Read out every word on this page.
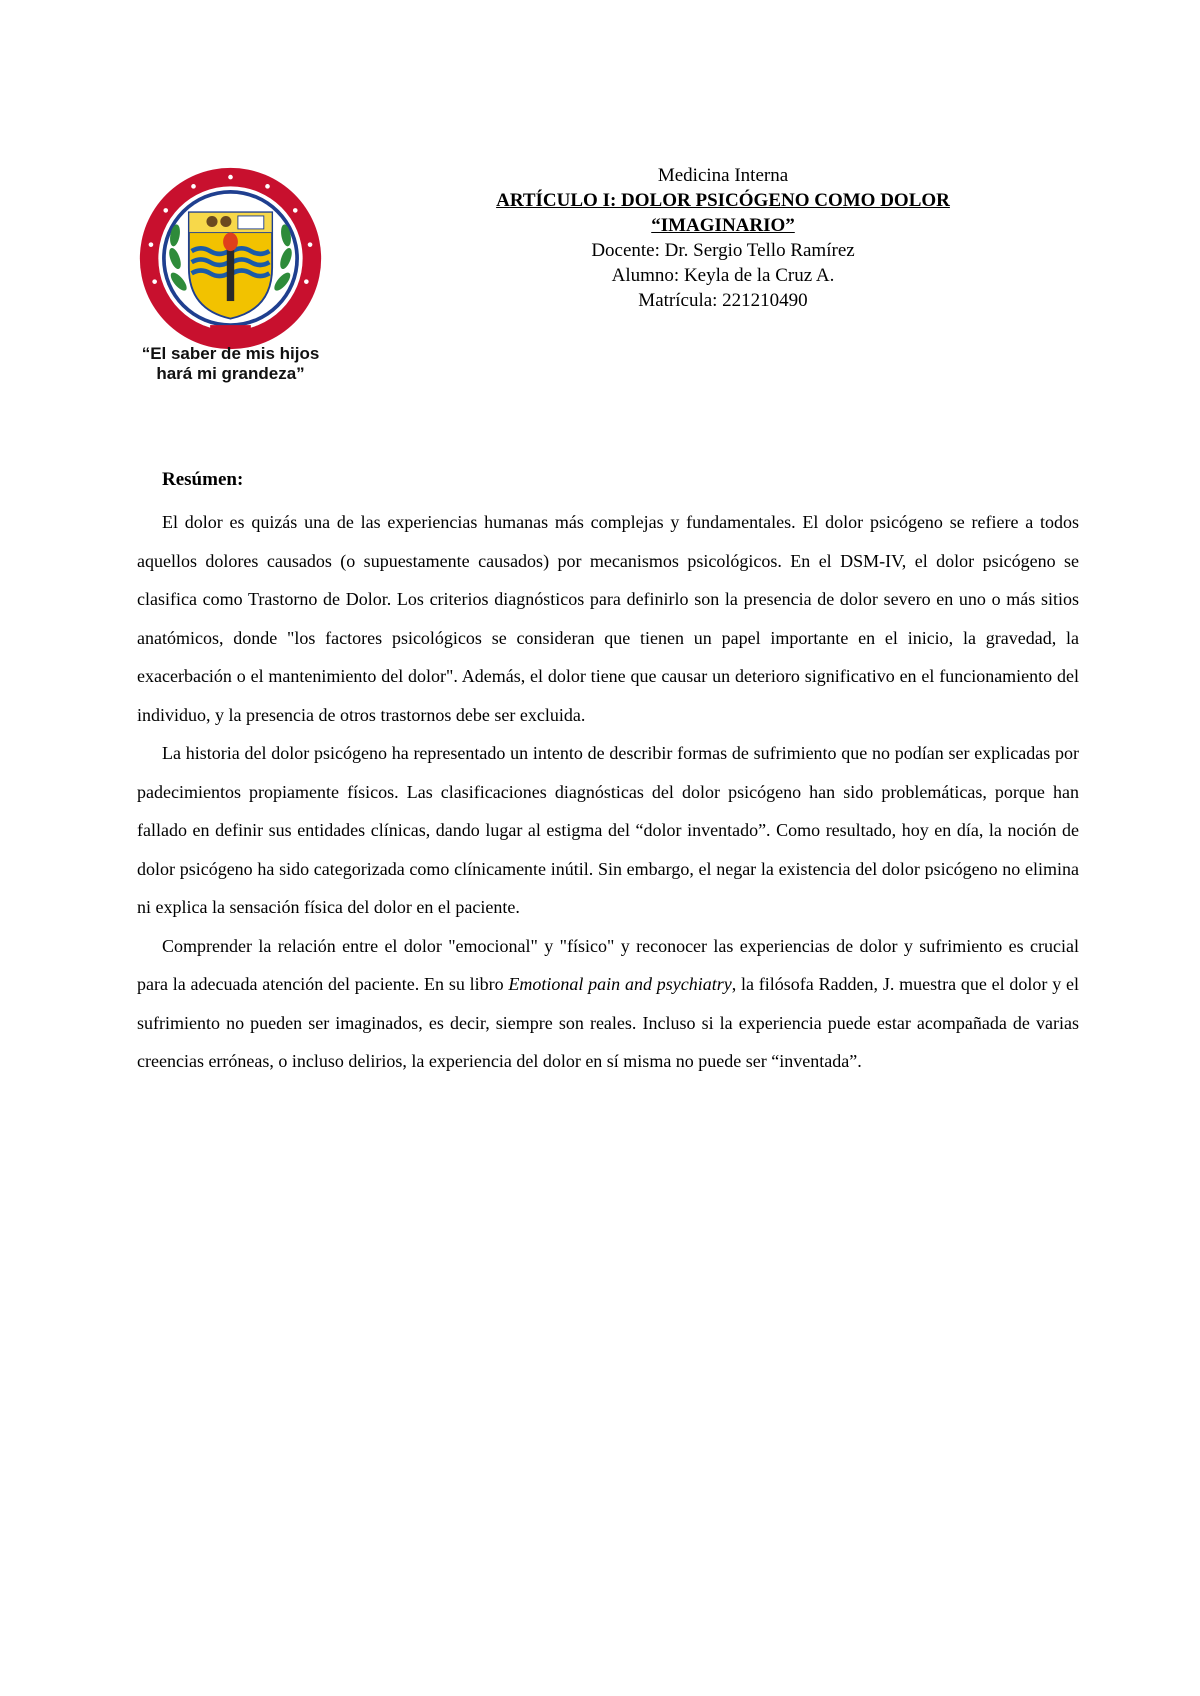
“El saber de mis hijos
hará mi grandeza”
Medicina Interna
ARTÍCULO I: DOLOR PSICÓGENO COMO DOLOR
“IMAGINARIO”
Docente: Dr. Sergio Tello Ramírez
Alumno: Keyla de la Cruz A.
Matrícula: 221210490
Resúmen:

El dolor es quizás una de las experiencias humanas más complejas y fundamentales. El dolor psicógeno se refiere a todos aquellos dolores causados (o supuestamente causados) por mecanismos psicológicos. En el DSM-IV, el dolor psicógeno se clasifica como Trastorno de Dolor. Los criterios diagnósticos para definirlo son la presencia de dolor severo en uno o más sitios anatómicos, donde "los factores psicológicos se consideran que tienen un papel importante en el inicio, la gravedad, la exacerbación o el mantenimiento del dolor". Además, el dolor tiene que causar un deterioro significativo en el funcionamiento del individuo, y la presencia de otros trastornos debe ser excluida.

La historia del dolor psicógeno ha representado un intento de describir formas de sufrimiento que no podían ser explicadas por padecimientos propiamente físicos. Las clasificaciones diagnósticas del dolor psicógeno han sido problemáticas, porque han fallado en definir sus entidades clínicas, dando lugar al estigma del “dolor inventado”. Como resultado, hoy en día, la noción de dolor psicógeno ha sido categorizada como clínicamente inútil. Sin embargo, el negar la existencia del dolor psicógeno no elimina ni explica la sensación física del dolor en el paciente.

Comprender la relación entre el dolor "emocional" y "físico" y reconocer las experiencias de dolor y sufrimiento es crucial para la adecuada atención del paciente. En su libro Emotional pain and psychiatry, la filósofa Radden, J. muestra que el dolor y el sufrimiento no pueden ser imaginados, es decir, siempre son reales. Incluso si la experiencia puede estar acompañada de varias creencias erróneas, o incluso delirios, la experiencia del dolor en sí misma no puede ser “inventada”.
